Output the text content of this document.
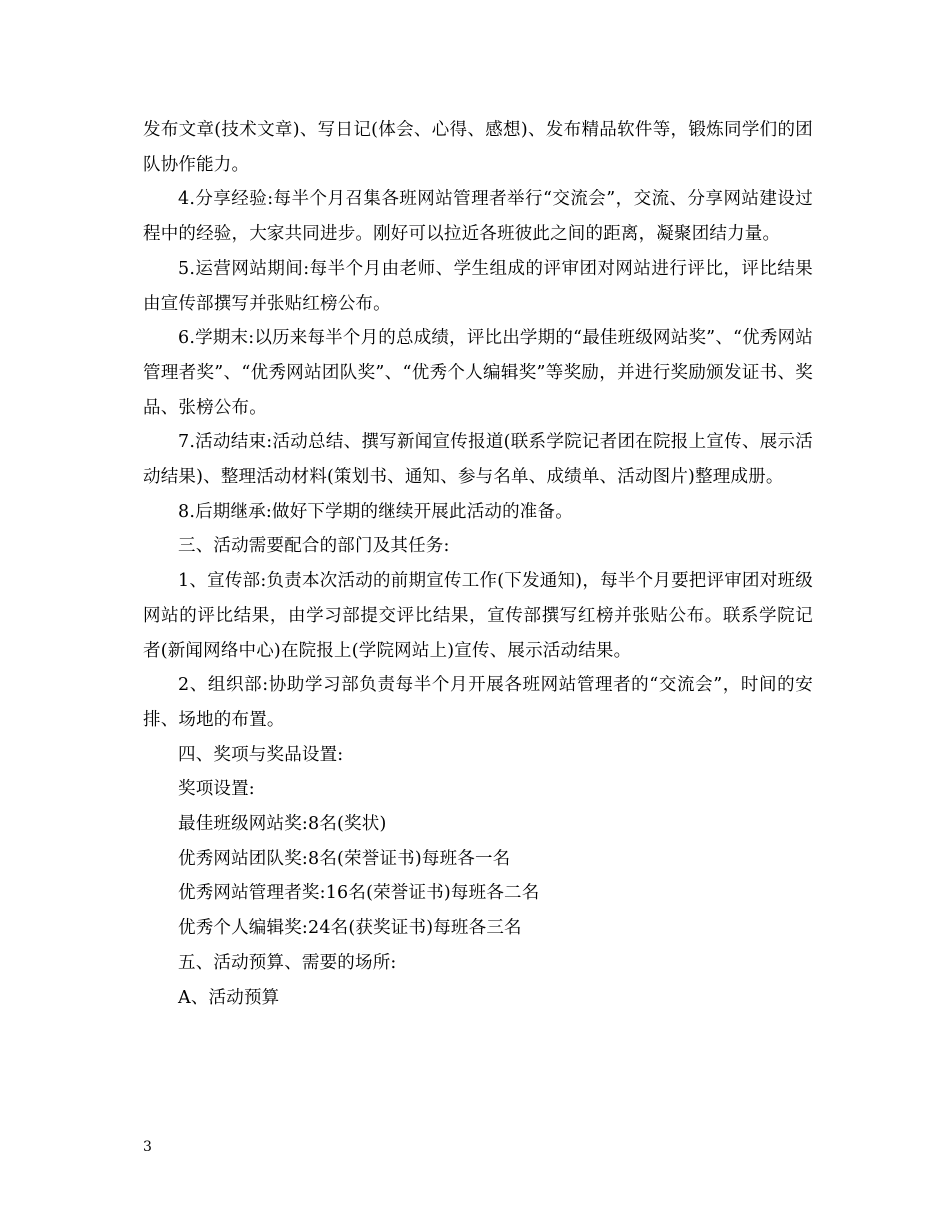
发布文章(技术文章)、写日记(体会、心得、感想)、发布精品软件等，锻炼同学们的团队协作能力。

4.分享经验:每半个月召集各班网站管理者举行“交流会”，交流、分享网站建设过程中的经验，大家共同进步。刚好可以拉近各班彼此之间的距离，凝聚团结力量。

5.运营网站期间:每半个月由老师、学生组成的评审团对网站进行评比，评比结果由宣传部撰写并张贴红榜公布。

6.学期末:以历来每半个月的总成绩，评比出学期的“最佳班级网站奖”、“优秀网站管理者奖”、“优秀网站团队奖”、“优秀个人编辑奖”等奖励，并进行奖励颁发证书、奖品、张榜公布。

7.活动结束:活动总结、撰写新闻宣传报道(联系学院记者团在院报上宣传、展示活动结果)、整理活动材料(策划书、通知、参与名单、成绩单、活动图片)整理成册。

8.后期继承:做好下学期的继续开展此活动的准备。

三、活动需要配合的部门及其任务:

1、宣传部:负责本次活动的前期宣传工作(下发通知)，每半个月要把评审团对班级网站的评比结果，由学习部提交评比结果，宣传部撰写红榜并张贴公布。联系学院记者(新闻网络中心)在院报上(学院网站上)宣传、展示活动结果。

2、组织部:协助学习部负责每半个月开展各班网站管理者的“交流会”，时间的安排、场地的布置。

四、奖项与奖品设置:

奖项设置:

最佳班级网站奖:8名(奖状)

优秀网站团队奖:8名(荣誉证书)每班各一名

优秀网站管理者奖:16名(荣誉证书)每班各二名

优秀个人编辑奖:24名(获奖证书)每班各三名

五、活动预算、需要的场所:

A、活动预算

3
